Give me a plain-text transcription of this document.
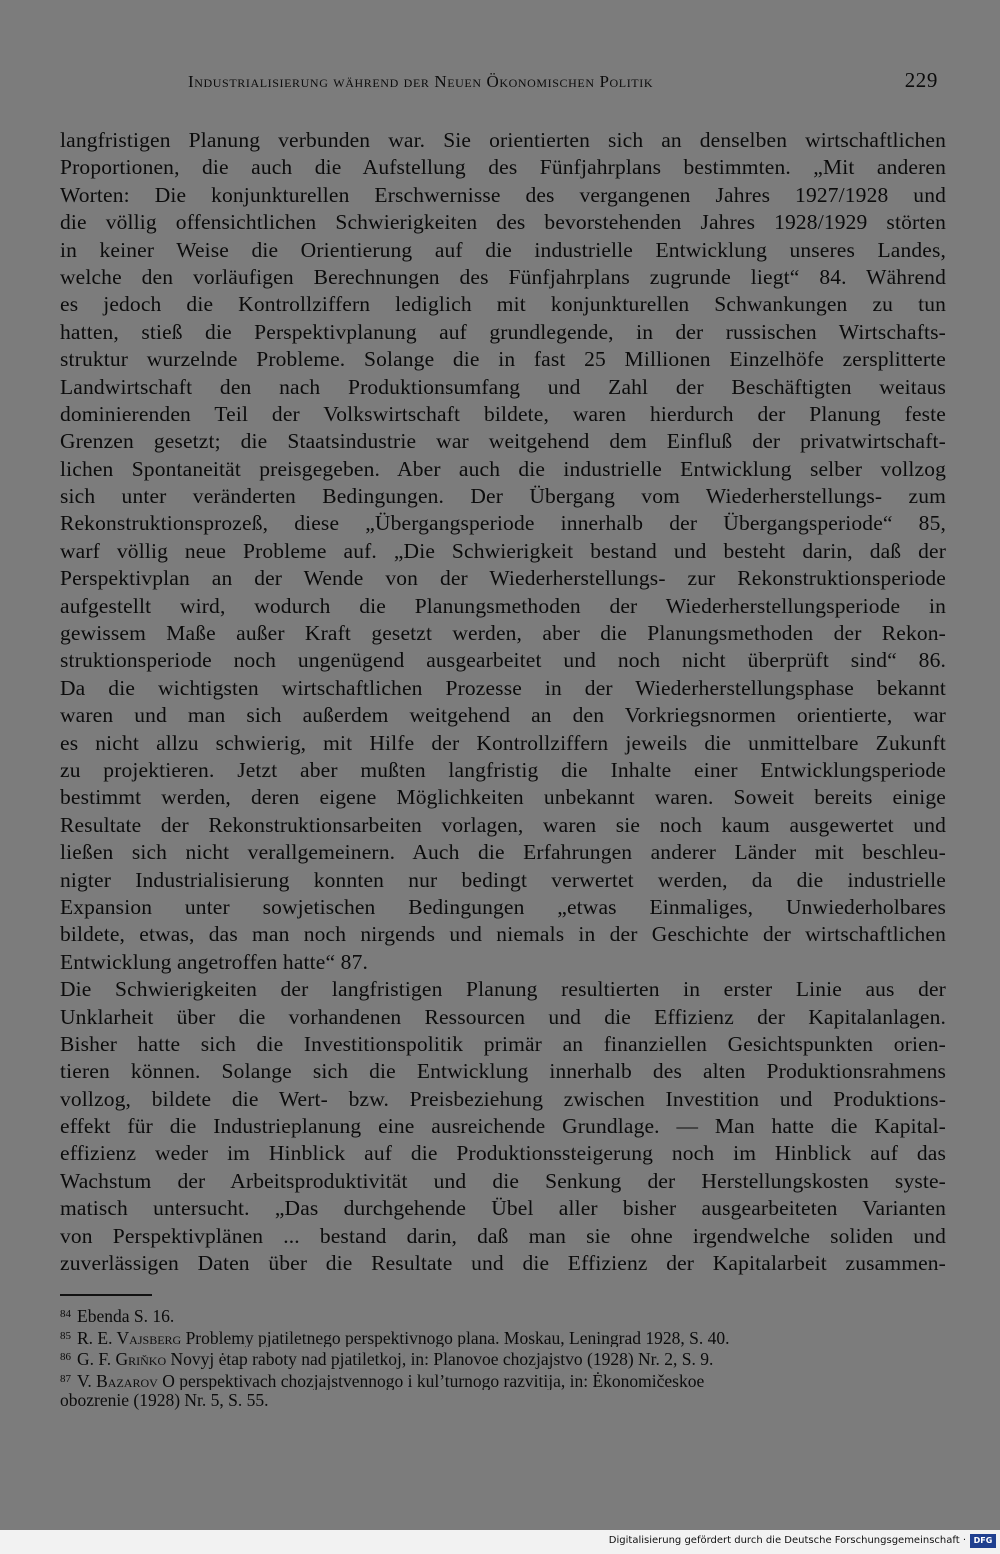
Industrialisierung während der Neuen Ökonomischen Politik	229
langfristigen Planung verbunden war. Sie orientierten sich an denselben wirtschaftlichen
Proportionen, die auch die Aufstellung des Fünfjahrplans bestimmten. „Mit anderen
Worten: Die konjunkturellen Erschwernisse des vergangenen Jahres 1927/1928 und
die völlig offensichtlichen Schwierigkeiten des bevorstehenden Jahres 1928/1929 störten
in keiner Weise die Orientierung auf die industrielle Entwicklung unseres Landes,
welche den vorläufigen Berechnungen des Fünfjahrplans zugrunde liegt“ 84. Während
es jedoch die Kontrollziffern lediglich mit konjunkturellen Schwankungen zu tun
hatten, stieß die Perspektivplanung auf grundlegende, in der russischen Wirtschafts-
struktur wurzelnde Probleme. Solange die in fast 25 Millionen Einzelhöfe zersplitterte
Landwirtschaft den nach Produktionsumfang und Zahl der Beschäftigten weitaus
dominierenden Teil der Volkswirtschaft bildete, waren hierdurch der Planung feste
Grenzen gesetzt; die Staatsindustrie war weitgehend dem Einfluß der privatwirtschaft-
lichen Spontaneität preisgegeben. Aber auch die industrielle Entwicklung selber vollzog
sich unter veränderten Bedingungen. Der Übergang vom Wiederherstellungs- zum
Rekonstruktionsprozeß, diese „Übergangsperiode innerhalb der Übergangsperiode“ 85,
warf völlig neue Probleme auf. „Die Schwierigkeit bestand und besteht darin, daß der
Perspektivplan an der Wende von der Wiederherstellungs- zur Rekonstruktionsperiode
aufgestellt wird, wodurch die Planungsmethoden der Wiederherstellungsperiode in
gewissem Maße außer Kraft gesetzt werden, aber die Planungsmethoden der Rekon-
struktionsperiode noch ungenügend ausgearbeitet und noch nicht überprüft sind“ 86.
Da die wichtigsten wirtschaftlichen Prozesse in der Wiederherstellungsphase bekannt
waren und man sich außerdem weitgehend an den Vorkriegsnormen orientierte, war
es nicht allzu schwierig, mit Hilfe der Kontrollziffern jeweils die unmittelbare Zukunft
zu projektieren. Jetzt aber mußten langfristig die Inhalte einer Entwicklungsperiode
bestimmt werden, deren eigene Möglichkeiten unbekannt waren. Soweit bereits einige
Resultate der Rekonstruktionsarbeiten vorlagen, waren sie noch kaum ausgewertet und
ließen sich nicht verallgemeinern. Auch die Erfahrungen anderer Länder mit beschleu-
nigter Industrialisierung konnten nur bedingt verwertet werden, da die industrielle
Expansion unter sowjetischen Bedingungen „etwas Einmaliges, Unwiederholbares
bildete, etwas, das man noch nirgends und niemals in der Geschichte der wirtschaftlichen
Entwicklung angetroffen hatte“ 87.
Die Schwierigkeiten der langfristigen Planung resultierten in erster Linie aus der
Unklarheit über die vorhandenen Ressourcen und die Effizienz der Kapitalanlagen.
Bisher hatte sich die Investitionspolitik primär an finanziellen Gesichtspunkten orien-
tieren können. Solange sich die Entwicklung innerhalb des alten Produktionsrahmens
vollzog, bildete die Wert- bzw. Preisbeziehung zwischen Investition und Produktions-
effekt für die Industrieplanung eine ausreichende Grundlage. — Man hatte die Kapital-
effizienz weder im Hinblick auf die Produktionssteigerung noch im Hinblick auf das
Wachstum der Arbeitsproduktivität und die Senkung der Herstellungskosten syste-
matisch untersucht. „Das durchgehende Übel aller bisher ausgearbeiteten Varianten
von Perspektivplänen ... bestand darin, daß man sie ohne irgendwelche soliden und
zuverlässigen Daten über die Resultate und die Effizienz der Kapitalarbeit zusammen-
84 Ebenda S. 16.
85 R. E. Vajsberg Problemy pjatiletnego perspektivnogo plana. Moskau, Leningrad 1928, S. 40.
86 G. F. Griňko Novyj ėtap raboty nad pjatiletkoj, in: Planovoe chozjajstvo (1928) Nr. 2, S. 9.
87 V. Bazarov O perspektivach chozjajstvennogo i kul’turnogo razvitija, in: Ėkonomičeskoe
obozrenie (1928) Nr. 5, S. 55.
Digitalisierung gefördert durch die Deutsche Forschungsgemeinschaft · DFG
